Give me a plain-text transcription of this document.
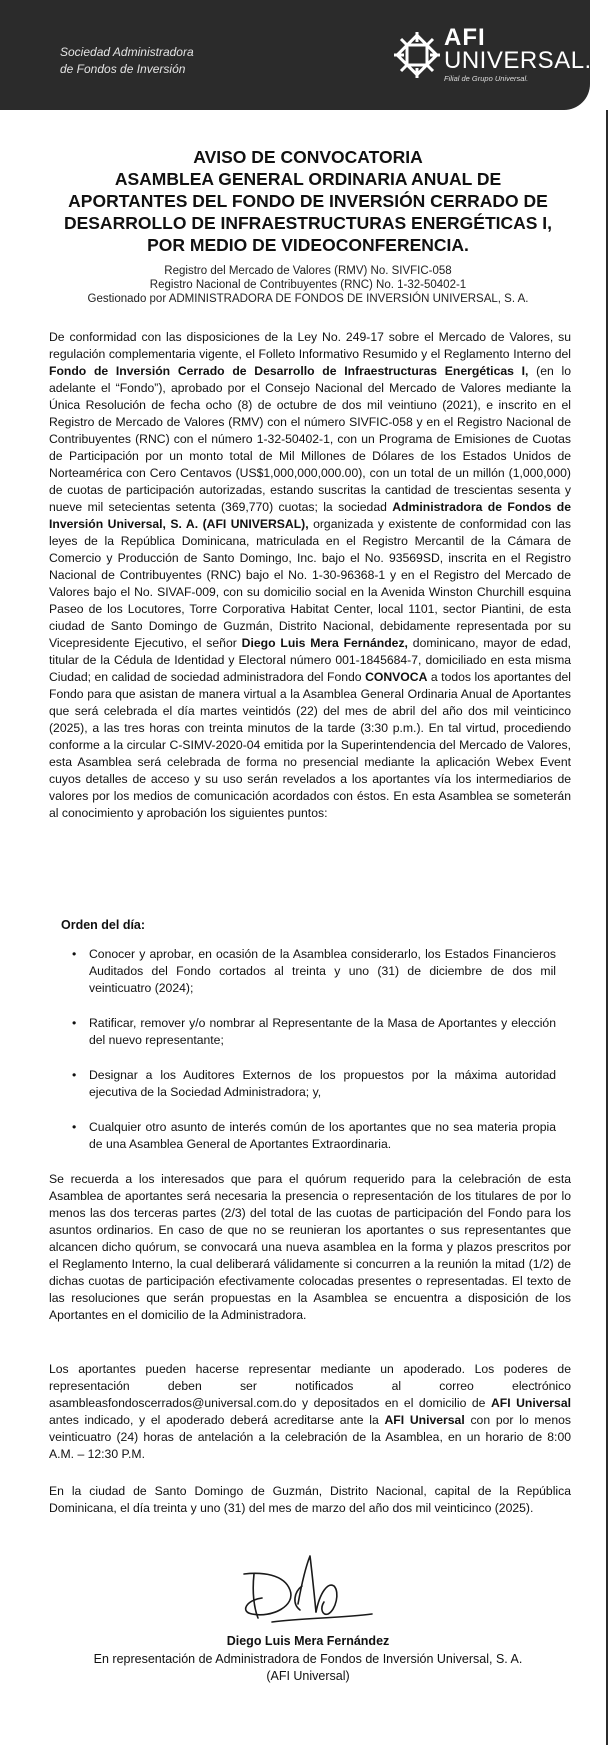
Sociedad Administradora
de Fondos de Inversión
AFI
UNIVERSAL.
Filial de Grupo Universal.
AVISO DE CONVOCATORIA
ASAMBLEA GENERAL ORDINARIA ANUAL DE
APORTANTES DEL FONDO DE INVERSIÓN CERRADO DE
DESARROLLO DE INFRAESTRUCTURAS ENERGÉTICAS I,
POR MEDIO DE VIDEOCONFERENCIA.
Registro del Mercado de Valores (RMV) No. SIVFIC-058
Registro Nacional de Contribuyentes (RNC) No. 1-32-50402-1
Gestionado por ADMINISTRADORA DE FONDOS DE INVERSIÓN UNIVERSAL, S. A.

De conformidad con las disposiciones de la Ley No. 249-17 sobre el Mercado de Valores, su regulación complementaria vigente, el Folleto Informativo Resumido y el Reglamento Interno del Fondo de Inversión Cerrado de Desarrollo de Infraestructuras Energéticas I, (en lo adelante el “Fondo”), aprobado por el Consejo Nacional del Mercado de Valores mediante la Única Resolución de fecha ocho (8) de octubre de dos mil veintiuno (2021), e inscrito en el Registro de Mercado de Valores (RMV) con el número SIVFIC-058 y en el Registro Nacional de Contribuyentes (RNC) con el número 1-32-50402-1, con un Programa de Emisiones de Cuotas de Participación por un monto total de Mil Millones de Dólares de los Estados Unidos de Norteamérica con Cero Centavos (US$1,000,000,000.00), con un total de un millón (1,000,000) de cuotas de participación autorizadas, estando suscritas la cantidad de trescientas sesenta y nueve mil setecientas setenta (369,770) cuotas; la sociedad Administradora de Fondos de Inversión Universal, S. A. (AFI UNIVERSAL), organizada y existente de conformidad con las leyes de la República Dominicana, matriculada en el Registro Mercantil de la Cámara de Comercio y Producción de Santo Domingo, Inc. bajo el No. 93569SD, inscrita en el Registro Nacional de Contribuyentes (RNC) bajo el No. 1-30-96368-1 y en el Registro del Mercado de Valores bajo el No. SIVAF-009, con su domicilio social en la Avenida Winston Churchill esquina Paseo de los Locutores, Torre Corporativa Habitat Center, local 1101, sector Piantini, de esta ciudad de Santo Domingo de Guzmán, Distrito Nacional, debidamente representada por su Vicepresidente Ejecutivo, el señor Diego Luis Mera Fernández, dominicano, mayor de edad, titular de la Cédula de Identidad y Electoral número 001-1845684-7, domiciliado en esta misma Ciudad; en calidad de sociedad administradora del Fondo CONVOCA a todos los aportantes del Fondo para que asistan de manera virtual a la Asamblea General Ordinaria Anual de Aportantes que será celebrada el día martes veintidós (22) del mes de abril del año dos mil veinticinco (2025), a las tres horas con treinta minutos de la tarde (3:30 p.m.). En tal virtud, procediendo conforme a la circular C-SIMV-2020-04 emitida por la Superintendencia del Mercado de Valores, esta Asamblea será celebrada de forma no presencial mediante la aplicación Webex Event cuyos detalles de acceso y su uso serán revelados a los aportantes vía los intermediarios de valores por los medios de comunicación acordados con éstos. En esta Asamblea se someterán al conocimiento y aprobación los siguientes puntos:

Orden del día:
• Conocer y aprobar, en ocasión de la Asamblea considerarlo, los Estados Financieros Auditados del Fondo cortados al treinta y uno (31) de diciembre de dos mil veinticuatro (2024);
• Ratificar, remover y/o nombrar al Representante de la Masa de Aportantes y elección del nuevo representante;
• Designar a los Auditores Externos de los propuestos por la máxima autoridad ejecutiva de la Sociedad Administradora; y,
• Cualquier otro asunto de interés común de los aportantes que no sea materia propia de una Asamblea General de Aportantes Extraordinaria.

Se recuerda a los interesados que para el quórum requerido para la celebración de esta Asamblea de aportantes será necesaria la presencia o representación de los titulares de por lo menos las dos terceras partes (2/3) del total de las cuotas de participación del Fondo para los asuntos ordinarios. En caso de que no se reunieran los aportantes o sus representantes que alcancen dicho quórum, se convocará una nueva asamblea en la forma y plazos prescritos por el Reglamento Interno, la cual deliberará válidamente si concurren a la reunión la mitad (1/2) de dichas cuotas de participación efectivamente colocadas presentes o representadas. El texto de las resoluciones que serán propuestas en la Asamblea se encuentra a disposición de los Aportantes en el domicilio de la Administradora.

Los aportantes pueden hacerse representar mediante un apoderado. Los poderes de representación deben ser notificados al correo electrónico asambleasfondoscerrados@universal.com.do y depositados en el domicilio de AFI Universal antes indicado, y el apoderado deberá acreditarse ante la AFI Universal con por lo menos veinticuatro (24) horas de antelación a la celebración de la Asamblea, en un horario de 8:00 A.M. – 12:30 P.M.

En la ciudad de Santo Domingo de Guzmán, Distrito Nacional, capital de la República Dominicana, el día treinta y uno (31) del mes de marzo del año dos mil veinticinco (2025).

Diego Luis Mera Fernández
En representación de Administradora de Fondos de Inversión Universal, S. A.
(AFI Universal)
